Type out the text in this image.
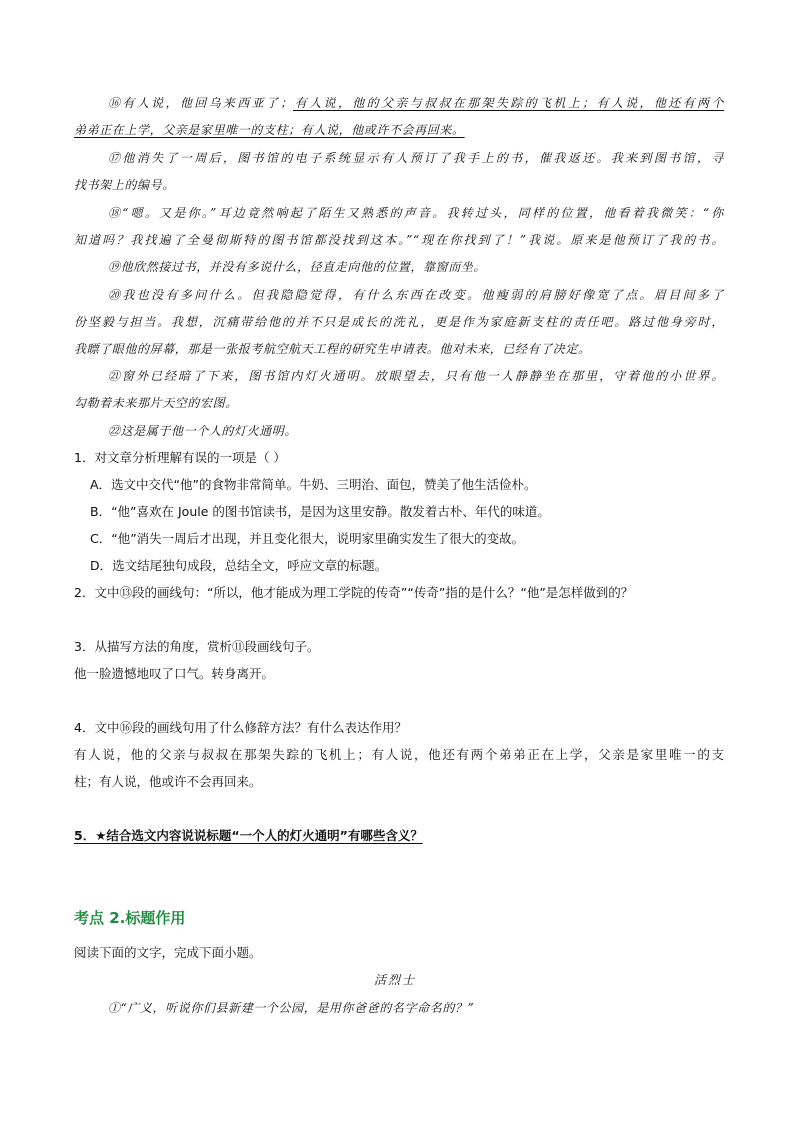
⑯有人说，他回乌来西亚了；有人说，他的父亲与叔叔在那架失踪的飞机上；有人说，他还有两个
弟弟正在上学，父亲是家里唯一的支柱；有人说，他或许不会再回来。
⑰他消失了一周后，图书馆的电子系统显示有人预订了我手上的书，催我返还。我来到图书馆，寻
找书架上的编号。
⑱“嗯。又是你。”耳边竟然响起了陌生又熟悉的声音。我转过头，同样的位置，他看着我微笑：“你
知道吗？我找遍了全曼彻斯特的图书馆都没找到这本。”“现在你找到了！”我说。原来是他预订了我的书。
⑲他欣然接过书，并没有多说什么，径直走向他的位置，靠窗而坐。
⑳我也没有多问什么。但我隐隐觉得，有什么东西在改变。他瘦弱的肩膀好像宽了点。眉目间多了
份坚毅与担当。我想，沉痛带给他的并不只是成长的洗礼，更是作为家庭新支柱的责任吧。路过他身旁时，
我瞟了眼他的屏幕，那是一张报考航空航天工程的研究生申请表。他对未来，已经有了决定。
㉑窗外已经暗了下来，图书馆内灯火通明。放眼望去，只有他一人静静坐在那里，守着他的小世界。
勾勒着未来那片天空的宏图。
㉒这是属于他一个人的灯火通明。
1．对文章分析理解有误的一项是（ ）
A．选文中交代“他”的食物非常简单。牛奶、三明治、面包，赞美了他生活俭朴。
B．“他”喜欢在 Joule 的图书馆读书，是因为这里安静。散发着古朴、年代的味道。
C．“他”消失一周后才出现，并且变化很大，说明家里确实发生了很大的变故。
D．选文结尾独句成段，总结全文，呼应文章的标题。
2．文中⑬段的画线句：“所以，他才能成为理工学院的传奇”“传奇”指的是什么？“他”是怎样做到的？
3．从描写方法的角度，赏析⑪段画线句子。
他一脸遗憾地叹了口气。转身离开。
4．文中⑯段的画线句用了什么修辞方法？有什么表达作用？
有人说，他的父亲与叔叔在那架失踪的飞机上；有人说，他还有两个弟弟正在上学，父亲是家里唯一的支
柱；有人说，他或许不会再回来。
5．★结合选文内容说说标题“一个人的灯火通明”有哪些含义？
考点 2.标题作用
阅读下面的文字，完成下面小题。
活烈士
①“广义，听说你们县新建一个公园，是用你爸爸的名字命名的？”
